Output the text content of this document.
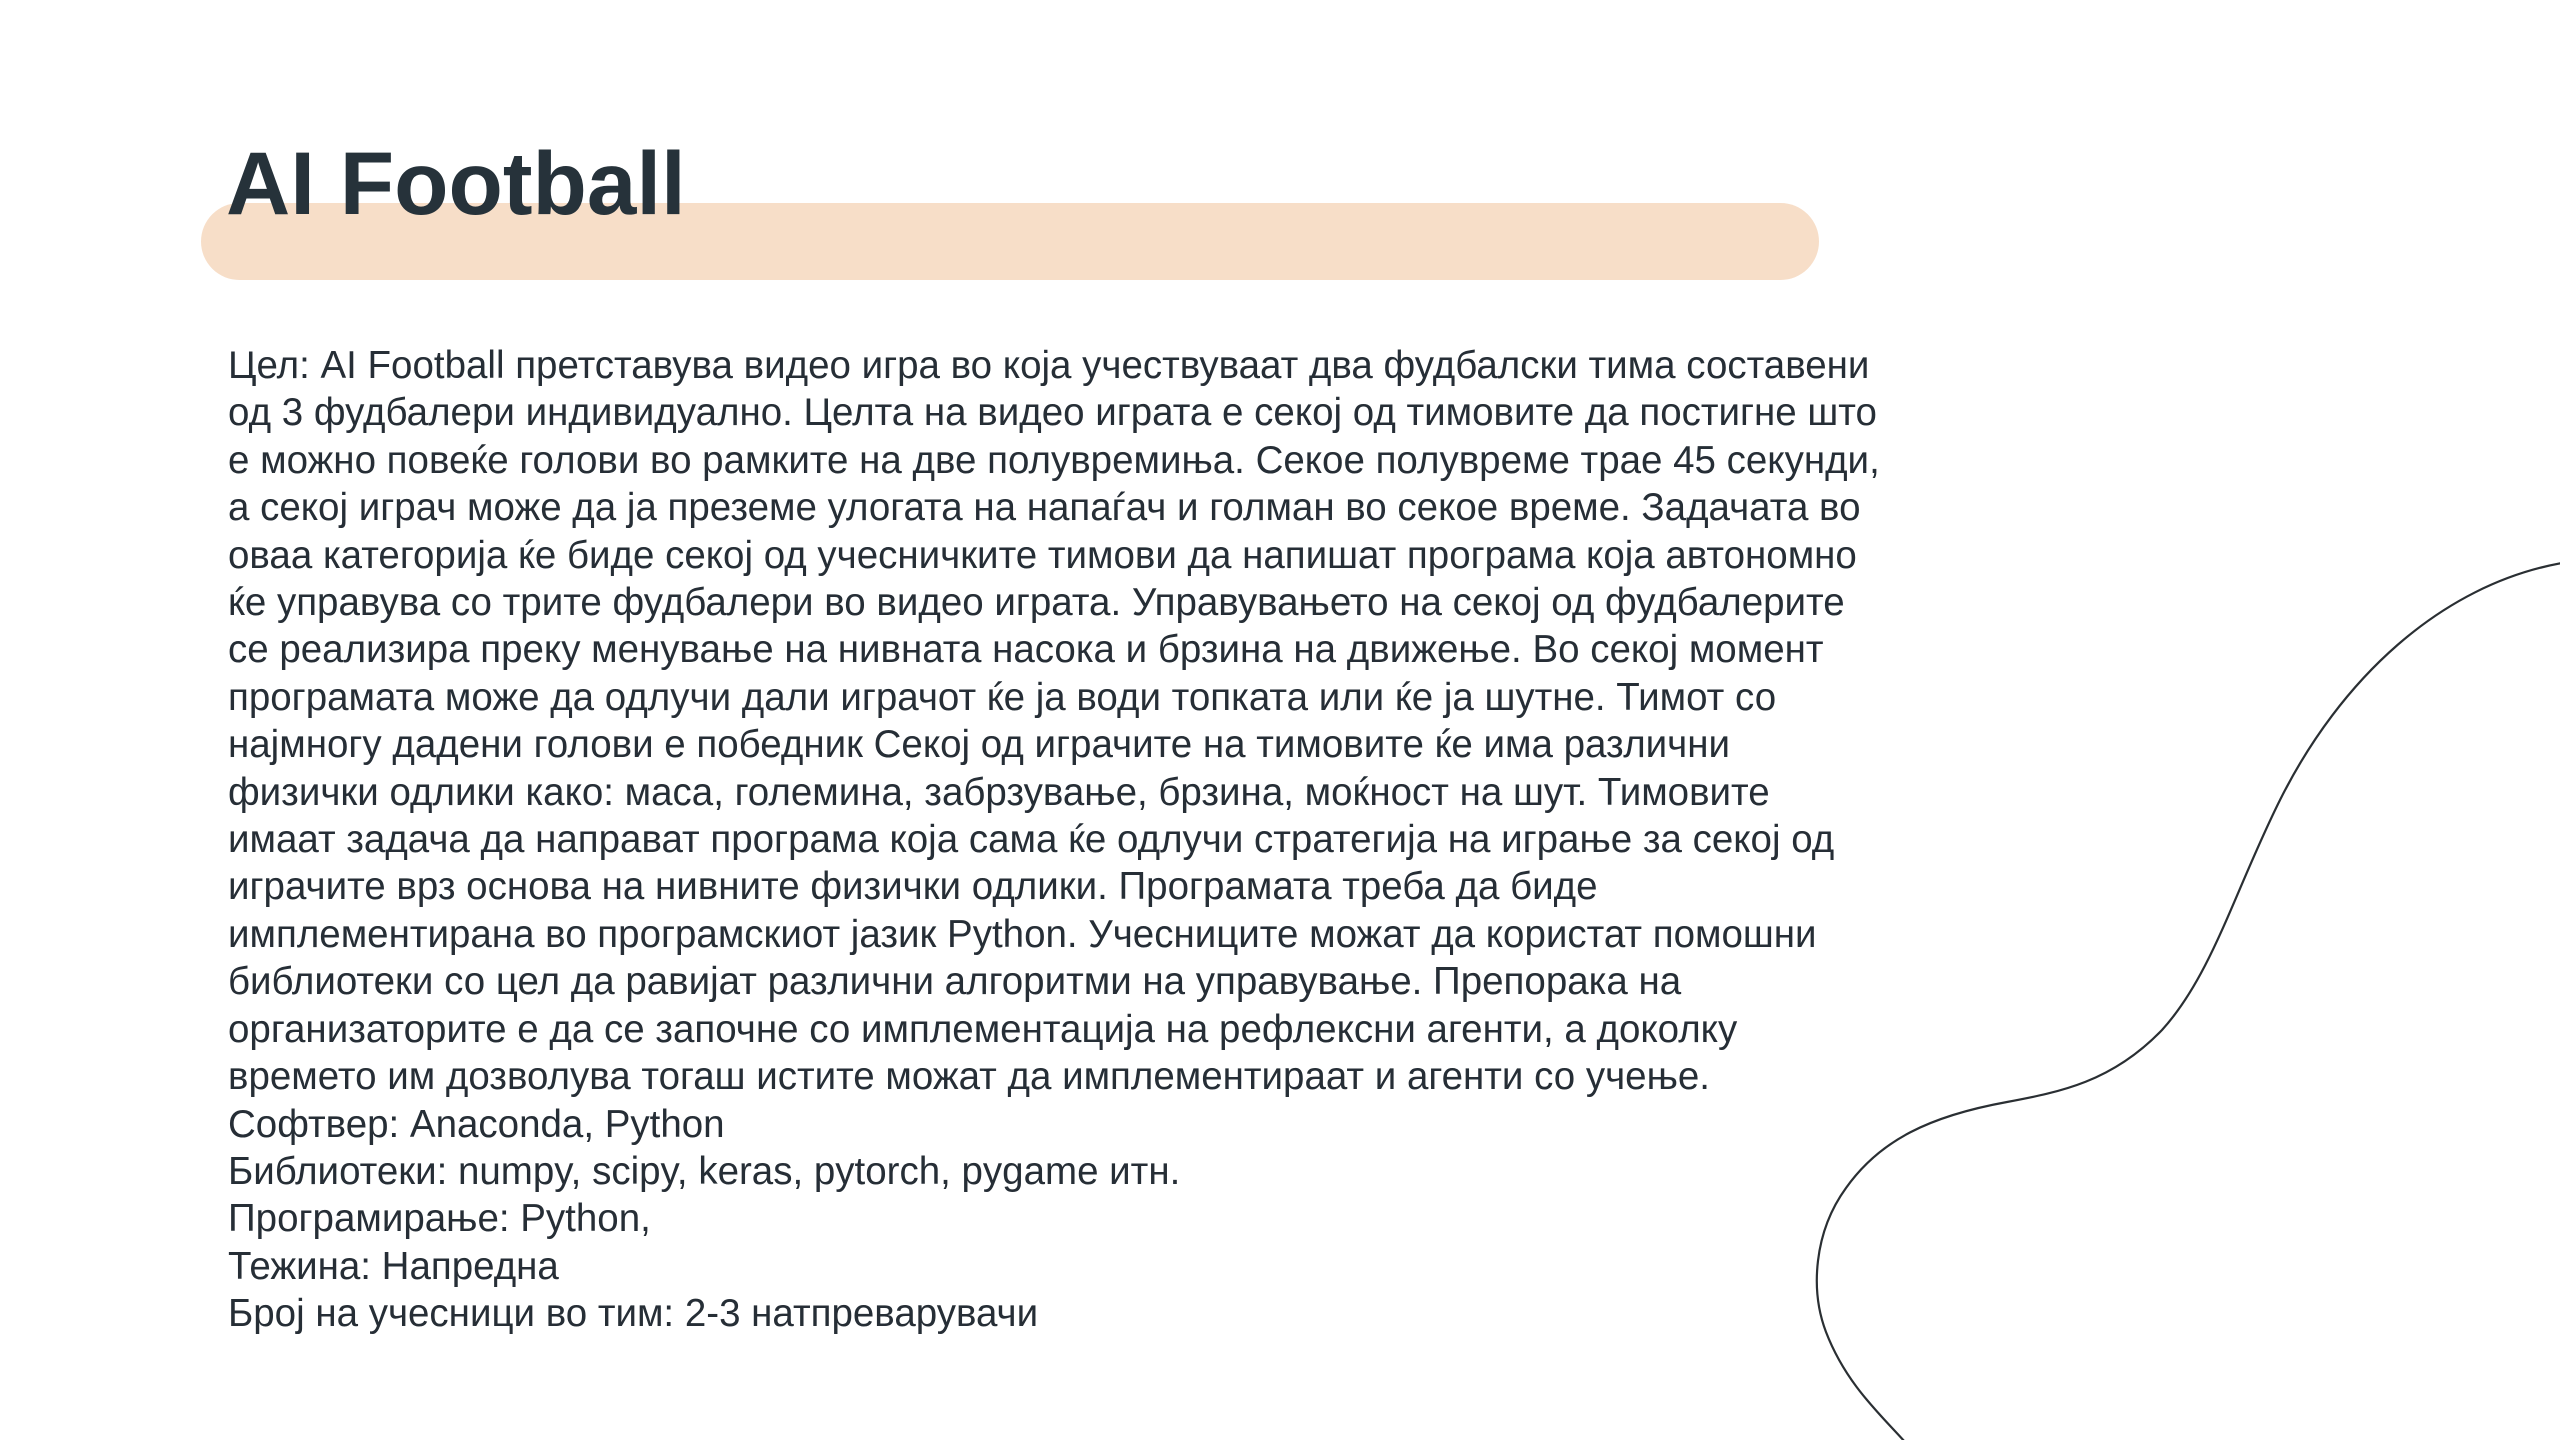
AI Football
Цел: AI Football претставува видео игра во која учествуваат два фудбалски тима составени
од 3 фудбалери индивидуално. Целта на видео играта е секој од тимовите да постигне што
е можно повеќе голови во рамките на две полувремиња. Секое полувреме трае 45 секунди,
а секој играч може да ја преземе улогата на напаѓач и голман во секое време. Задачата во
оваа категорија ќе биде секој од учесничките тимови да напишат програма која автономно
ќе управува со трите фудбалери во видео играта. Управувањето на секој од фудбалерите
се реализира преку менување на нивната насока и брзина на движење. Во секој момент
програмата може да одлучи дали играчот ќе ја води топката или ќе ја шутне. Тимот со
најмногу дадени голови е победник Секој од играчите на тимовите ќе има различни
физички одлики како: маса, големина, забрзување, брзина, моќност на шут. Тимовите
имаат задача да направат програма која сама ќе одлучи стратегија на играње за секој од
играчите врз основа на нивните физички одлики. Програмата треба да биде
имплементирана во програмскиот јазик Python. Учесниците можат да користат помошни
библиотеки со цел да равијат различни алгоритми на управување. Препорака на
организаторите е да се започне со имплементација на рефлексни агенти, а доколку
времето им дозволува тогаш истите можат да имплементираат и агенти со учење.
Софтвер: Anaconda, Python
Библиотеки: numpy, scipy, keras, pytorch, pygame итн.
Програмирање: Python,
Тежина: Напредна
Број на учесници во тим: 2-3 натпреварувачи
